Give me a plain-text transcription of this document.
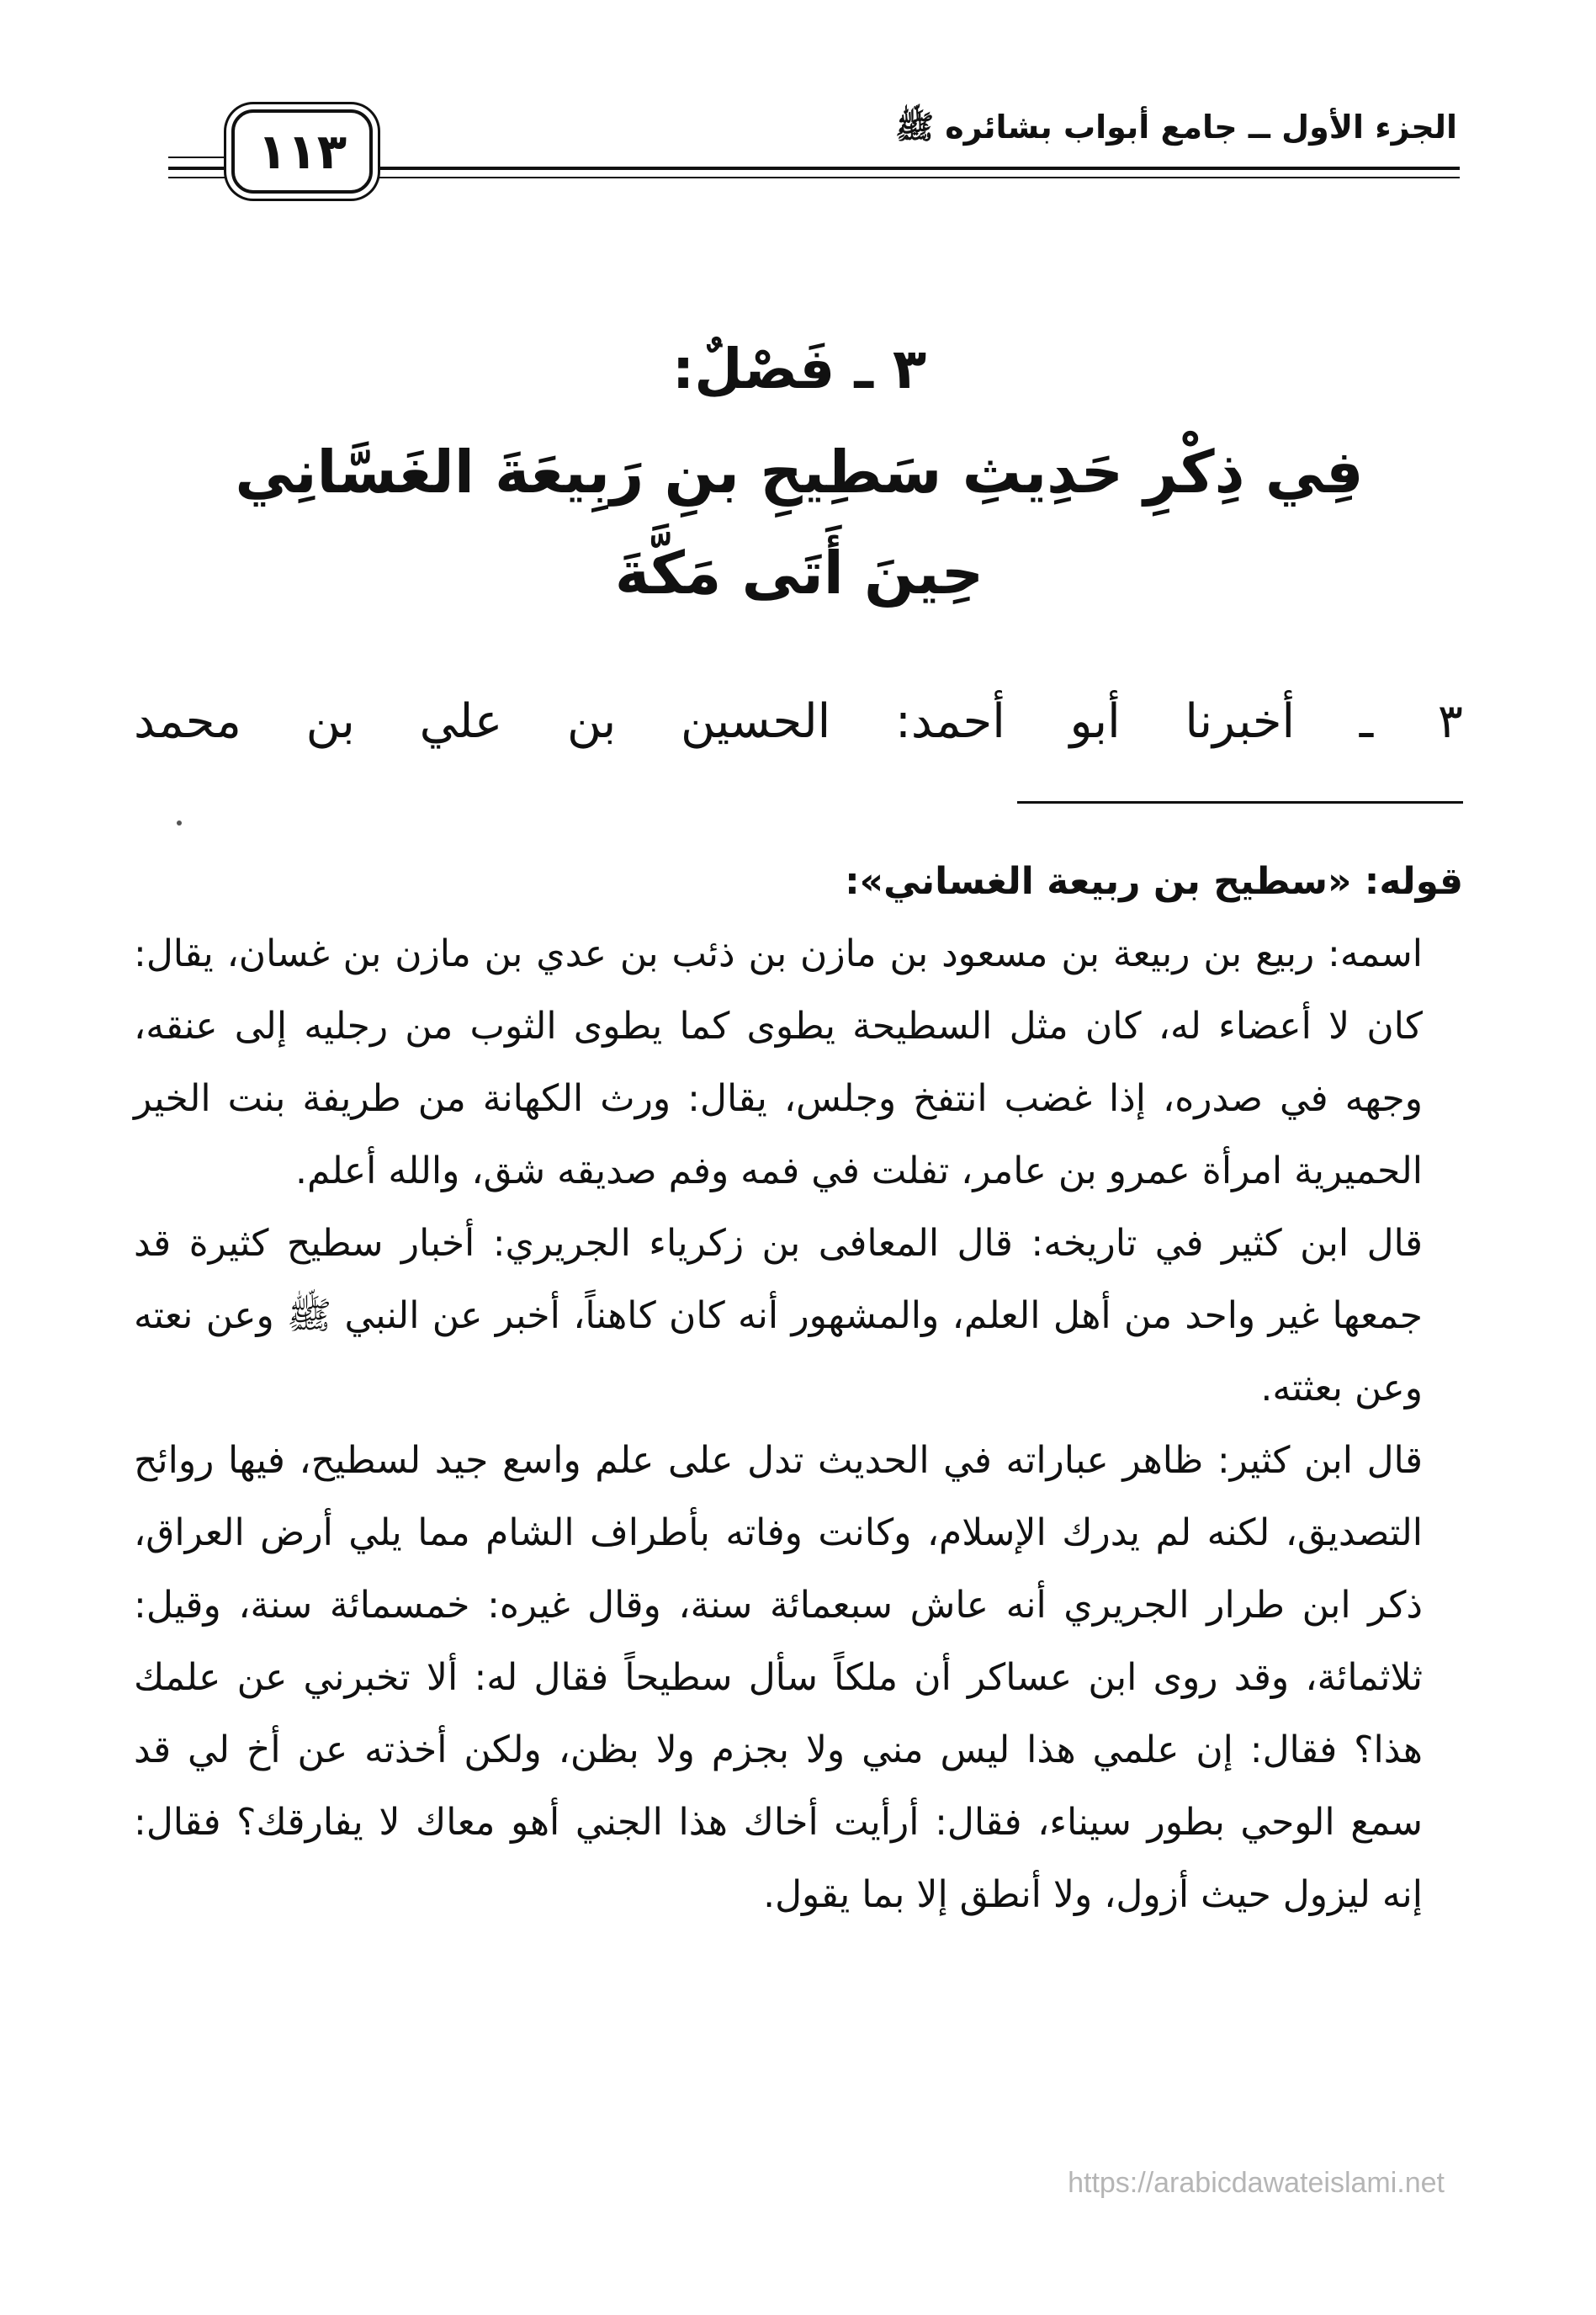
الجزء الأول ــ جامع أبواب بشائره ﷺ
١١٣
٣ ـ فَصْلٌ:
فِي ذِكْرِ حَدِيثِ سَطِيحِ بنِ رَبِيعَةَ الغَسَّانِي
حِينَ أَتَى مَكَّةَ
٣ ـ أخبرنا أبو أحمد: الحسين بن علي بن محمد

قوله: «سطيح بن ربيعة الغساني»:

اسمه: ربيع بن ربيعة بن مسعود بن مازن بن ذئب بن عدي بن مازن بن غسان، يقال: كان لا أعضاء له، كان مثل السطيحة يطوى كما يطوى الثوب من رجليه إلى عنقه، وجهه في صدره، إذا غضب انتفخ وجلس، يقال: ورث الكهانة من طريفة بنت الخير الحميرية امرأة عمرو بن عامر، تفلت في فمه وفم صديقه شق، والله أعلم.

قال ابن كثير في تاريخه: قال المعافى بن زكرياء الجريري: أخبار سطيح كثيرة قد جمعها غير واحد من أهل العلم، والمشهور أنه كان كاهناً، أخبر عن النبي ﷺ وعن نعته وعن بعثته.

قال ابن كثير: ظاهر عباراته في الحديث تدل على علم واسع جيد لسطيح، فيها روائح التصديق، لكنه لم يدرك الإسلام، وكانت وفاته بأطراف الشام مما يلي أرض العراق، ذكر ابن طرار الجريري أنه عاش سبعمائة سنة، وقال غيره: خمسمائة سنة، وقيل: ثلاثمائة، وقد روى ابن عساكر أن ملكاً سأل سطيحاً فقال له: ألا تخبرني عن علمك هذا؟ فقال: إن علمي هذا ليس مني ولا بجزم ولا بظن، ولكن أخذته عن أخ لي قد سمع الوحي بطور سيناء، فقال: أرأيت أخاك هذا الجني أهو معاك لا يفارقك؟ فقال: إنه ليزول حيث أزول، ولا أنطق إلا بما يقول.

https://arabicdawateislami.net
